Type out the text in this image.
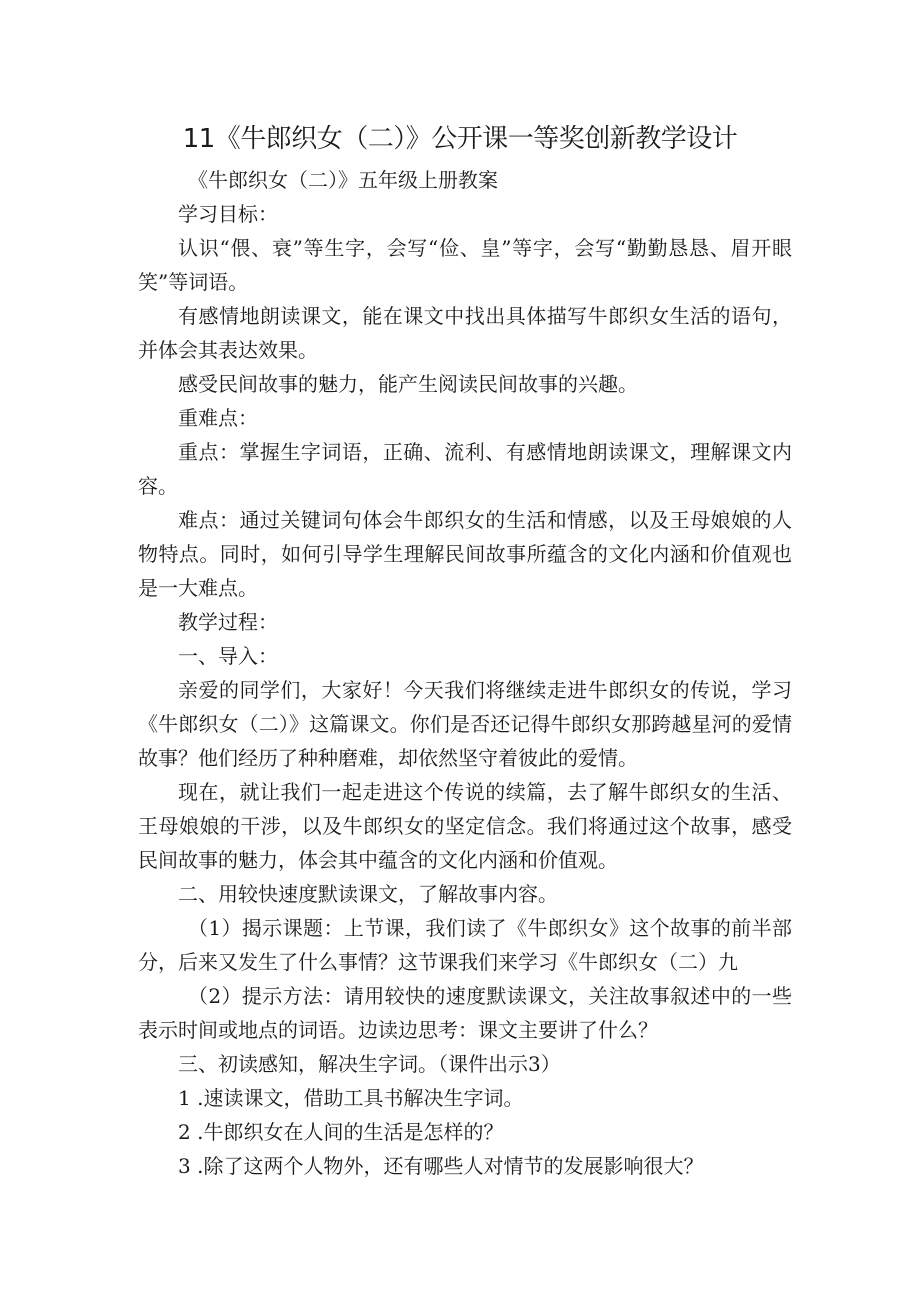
11《牛郎织女（二）》公开课一等奖创新教学设计

《牛郎织女（二）》五年级上册教案

学习目标：

认识“偎、衰”等生字，会写“俭、皇”等字，会写“勤勤恳恳、眉开眼笑”等词语。

有感情地朗读课文，能在课文中找出具体描写牛郎织女生活的语句，并体会其表达效果。

感受民间故事的魅力，能产生阅读民间故事的兴趣。

重难点：

重点：掌握生字词语，正确、流利、有感情地朗读课文，理解课文内容。

难点：通过关键词句体会牛郎织女的生活和情感，以及王母娘娘的人物特点。同时，如何引导学生理解民间故事所蕴含的文化内涵和价值观也是一大难点。

教学过程：

一、导入：

亲爱的同学们，大家好！今天我们将继续走进牛郎织女的传说，学习《牛郎织女（二）》这篇课文。你们是否还记得牛郎织女那跨越星河的爱情故事？他们经历了种种磨难，却依然坚守着彼此的爱情。

现在，就让我们一起走进这个传说的续篇，去了解牛郎织女的生活、王母娘娘的干涉，以及牛郎织女的坚定信念。我们将通过这个故事，感受民间故事的魅力，体会其中蕴含的文化内涵和价值观。

二、用较快速度默读课文，了解故事内容。

（1）揭示课题：上节课，我们读了《牛郎织女》这个故事的前半部分，后来又发生了什么事情？这节课我们来学习《牛郎织女（二）九

（2）提示方法：请用较快的速度默读课文，关注故事叙述中的一些表示时间或地点的词语。边读边思考：课文主要讲了什么？

三、初读感知，解决生字词。（课件出示3）

1 .速读课文，借助工具书解决生字词。

2 .牛郎织女在人间的生活是怎样的？

3 .除了这两个人物外，还有哪些人对情节的发展影响很大？
